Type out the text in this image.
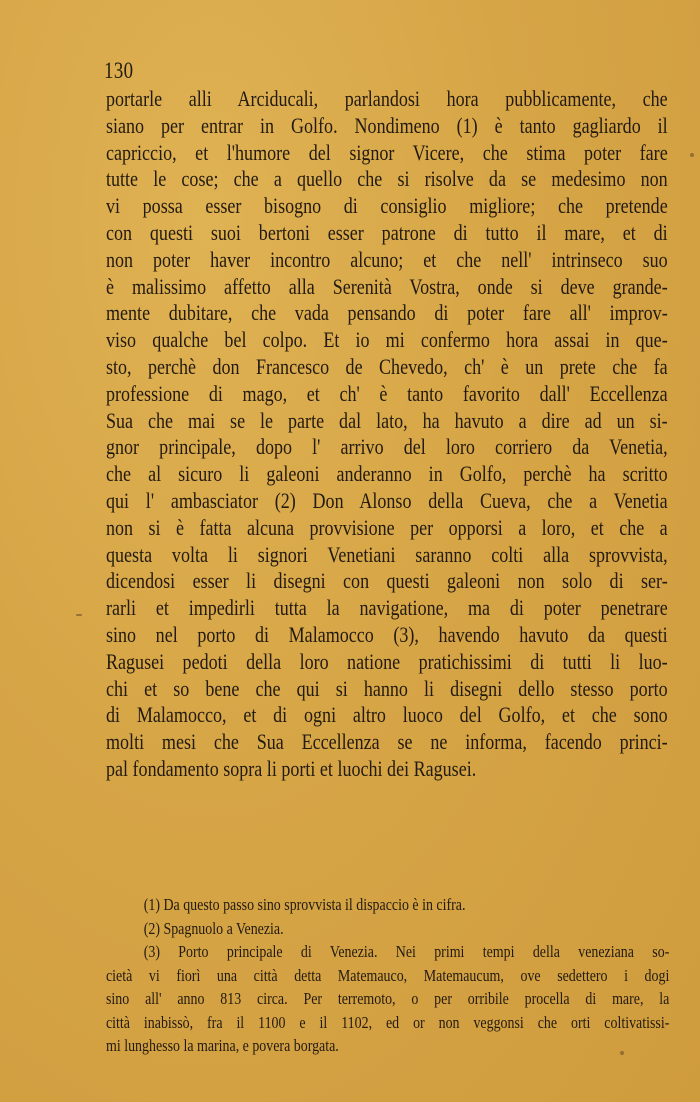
130
portarle alli Arciducali, parlandosi hora pubblicamente, che
siano per entrar in Golfo. Nondimeno (1) è tanto gagliardo il
capriccio, et l'humore del signor Vicere, che stima poter fare
tutte le cose; che a quello che si risolve da se medesimo non
vi possa esser bisogno di consiglio migliore; che pretende
con questi suoi bertoni esser patrone di tutto il mare, et di
non poter haver incontro alcuno; et che nell' intrinseco suo
è malissimo affetto alla Serenità Vostra, onde si deve grande-
mente dubitare, che vada pensando di poter fare all' improv-
viso qualche bel colpo. Et io mi confermo hora assai in que-
sto, perchè don Francesco de Chevedo, ch' è un prete che fa
professione di mago, et ch' è tanto favorito dall' Eccellenza
Sua che mai se le parte dal lato, ha havuto a dire ad un si-
gnor principale, dopo l' arrivo del loro corriero da Venetia,
che al sicuro li galeoni anderanno in Golfo, perchè ha scritto
qui l' ambasciator (2) Don Alonso della Cueva, che a Venetia
non si è fatta alcuna provvisione per opporsi a loro, et che a
questa volta li signori Venetiani saranno colti alla sprovvista,
dicendosi esser li disegni con questi galeoni non solo di ser-
rarli et impedirli tutta la navigatione, ma di poter penetrare
sino nel porto di Malamocco (3), havendo havuto da questi
Ragusei pedoti della loro natione pratichissimi di tutti li luo-
chi et so bene che qui si hanno li disegni dello stesso porto
di Malamocco, et di ogni altro luoco del Golfo, et che sono
molti mesi che Sua Eccellenza se ne informa, facendo princi-
pal fondamento sopra li porti et luochi dei Ragusei.
(1) Da questo passo sino sprovvista il dispaccio è in cifra.
(2) Spagnuolo a Venezia.
(3) Porto principale di Venezia. Nei primi tempi della veneziana so-
cietà vi fiorì una città detta Matemauco, Matemaucum, ove sedettero i dogi
sino all' anno 813 circa. Per terremoto, o per orribile procella di mare, la
città inabissò, fra il 1100 e il 1102, ed or non veggonsi che orti coltivatissi-
mi lunghesso la marina, e povera borgata.
